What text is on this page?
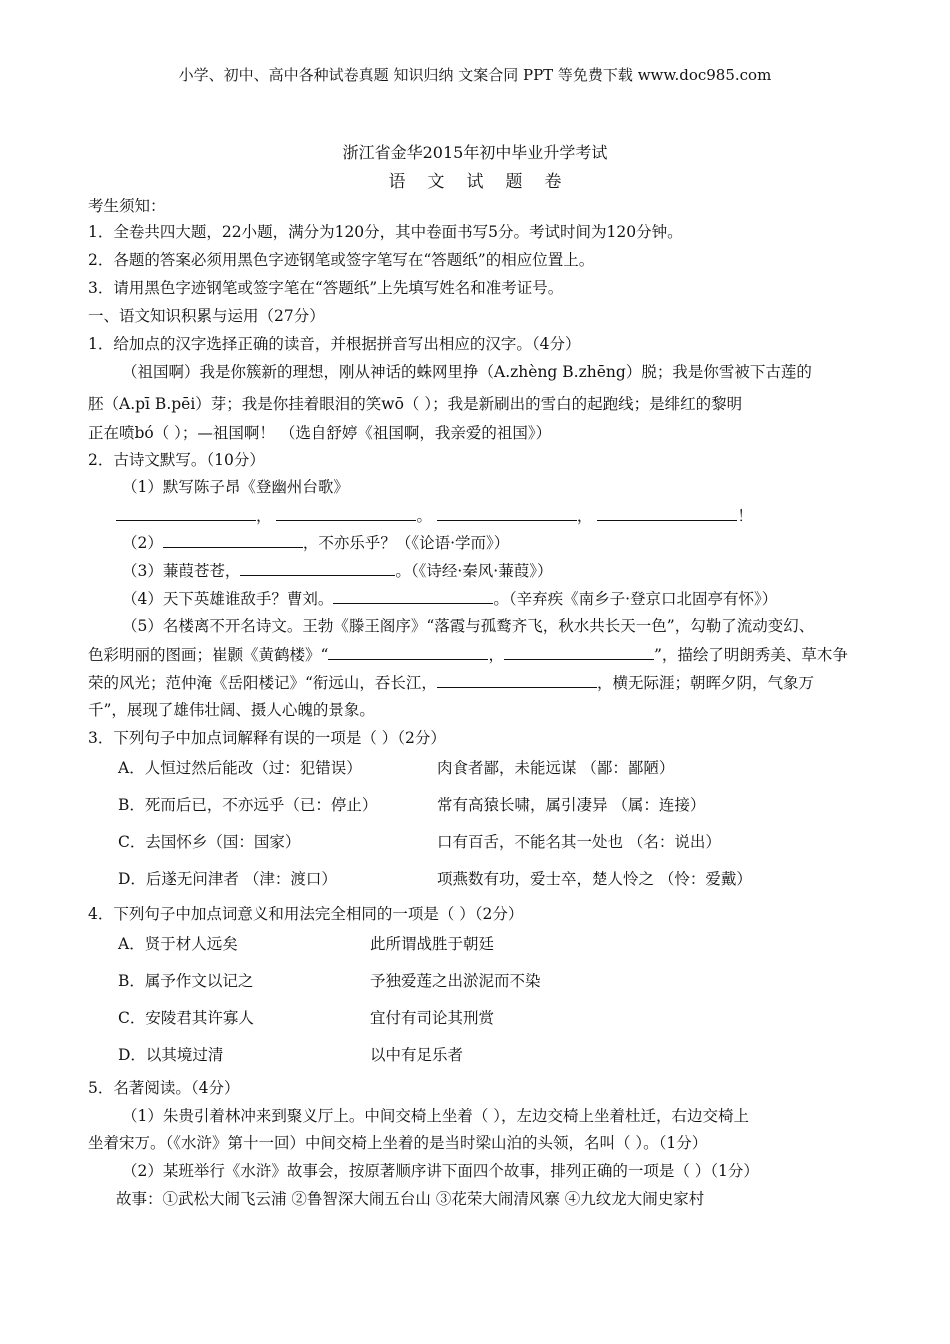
小学、初中、高中各种试卷真题 知识归纳 文案合同 PPT 等免费下载 www.doc985.com
浙江省金华2015年初中毕业升学考试
语文试题卷
考生须知：
1．全卷共四大题，22小题，满分为120分，其中卷面书写5分。考试时间为120分钟。
2．各题的答案必须用黑色字迹钢笔或签字笔写在“答题纸”的相应位置上。
3．请用黑色字迹钢笔或签字笔在“答题纸”上先填写姓名和准考证号。
一、语文知识积累与运用（27分）
1．给加点的汉字选择正确的读音，并根据拼音写出相应的汉字。（4分）
（祖国啊）我是你簇新的理想，刚从神话的蛛网里挣（A.zhèng B.zhēng）脱；我是你雪被下古莲的
胚（A.pī B.pēi）芽；我是你挂着眼泪的笑wō（ ）；我是新刷出的雪白的起跑线；是绯红的黎明
正在喷bó（ ）；—祖国啊！ （选自舒婷《祖国啊，我亲爱的祖国》）
2．古诗文默写。（10分）
（1）默写陈子昂《登幽州台歌》
，	。	，	！
（2）	，不亦乐乎？（《论语·学而》）
（3）蒹葭苍苍，	。（《诗经·秦风·蒹葭》）
（4）天下英雄谁敌手？曹刘。	。（辛弃疾《南乡子·登京口北固亭有怀》）
（5）名楼离不开名诗文。王勃《滕王阁序》“落霞与孤鹜齐飞，秋水共长天一色”，勾勒了流动变幻、
色彩明丽的图画；崔颢《黄鹤楼》“	，	”，描绘了明朗秀美、草木争
荣的风光；范仲淹《岳阳楼记》“衔远山，吞长江，	，横无际涯；朝晖夕阴，气象万
千”，展现了雄伟壮阔、摄人心魄的景象。
3．下列句子中加点词解释有误的一项是（ ）（2分）
A．人恒过然后能改（过：犯错误）	肉食者鄙，未能远谋 （鄙：鄙陋）
B．死而后已，不亦远乎（已：停止）	常有高猿长啸，属引凄异 （属：连接）
C．去国怀乡（国：国家）	口有百舌，不能名其一处也 （名：说出）
D．后遂无问津者 （津：渡口）	项燕数有功，爱士卒，楚人怜之 （怜：爱戴）
4．下列句子中加点词意义和用法完全相同的一项是（ ）（2分）
A．贤于材人远矣	此所谓战胜于朝廷
B．属予作文以记之	予独爱莲之出淤泥而不染
C．安陵君其许寡人	宜付有司论其刑赏
D．以其境过清	以中有足乐者
5．名著阅读。（4分）
（1）朱贵引着林冲来到聚义厅上。中间交椅上坐着（ ），左边交椅上坐着杜迁，右边交椅上
坐着宋万。（《水浒》第十一回）中间交椅上坐着的是当时梁山泊的头领，名叫（ ）。（1分）
（2）某班举行《水浒》故事会，按原著顺序讲下面四个故事，排列正确的一项是（ ）（1分）
故事：①武松大闹飞云浦 ②鲁智深大闹五台山 ③花荣大闹清风寨 ④九纹龙大闹史家村
